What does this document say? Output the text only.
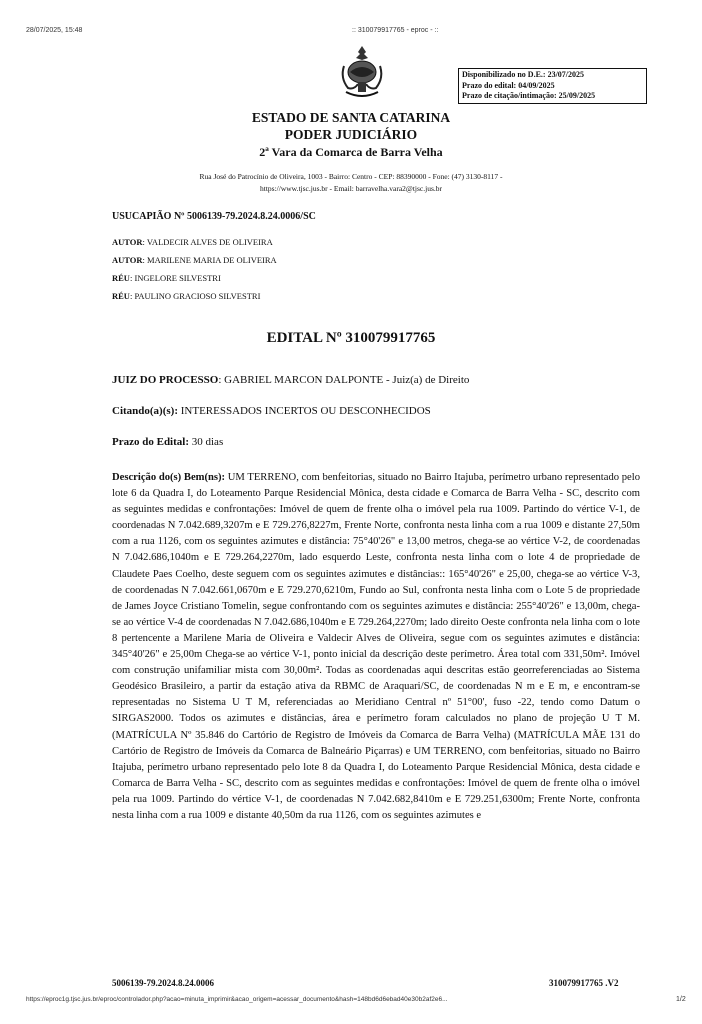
28/07/2025, 15:48	:: 310079917765 - eproc - ::
Disponibilizado no D.E.: 23/07/2025
Prazo do edital: 04/09/2025
Prazo de citação/intimação: 25/09/2025
ESTADO DE SANTA CATARINA
PODER JUDICIÁRIO
2ª Vara da Comarca de Barra Velha
Rua José do Patrocínio de Oliveira, 1003 - Bairro: Centro - CEP: 88390000 - Fone: (47) 3130-8117 -
https://www.tjsc.jus.br - Email: barravelha.vara2@tjsc.jus.br
USUCAPIÃO Nº 5006139-79.2024.8.24.0006/SC
AUTOR: VALDECIR ALVES DE OLIVEIRA
AUTOR: MARILENE MARIA DE OLIVEIRA
RÉU: INGELORE SILVESTRI
RÉU: PAULINO GRACIOSO SILVESTRI
EDITAL Nº 310079917765
JUIZ DO PROCESSO: GABRIEL MARCON DALPONTE - Juiz(a) de Direito
Citando(a)(s): INTERESSADOS INCERTOS OU DESCONHECIDOS
Prazo do Edital: 30 dias
Descrição do(s) Bem(ns): UM TERRENO, com benfeitorias, situado no Bairro Itajuba, perímetro urbano representado pelo lote 6 da Quadra I, do Loteamento Parque Residencial Mônica, desta cidade e Comarca de Barra Velha - SC, descrito com as seguintes medidas e confrontações: Imóvel de quem de frente olha o imóvel pela rua 1009. Partindo do vértice V-1, de coordenadas N 7.042.689,3207m e E 729.276,8227m, Frente Norte, confronta nesta linha com a rua 1009 e distante 27,50m com a rua 1126, com os seguintes azimutes e distância: 75°40'26" e 13,00 metros, chega-se ao vértice V-2, de coordenadas N 7.042.686,1040m e E 729.264,2270m, lado esquerdo Leste, confronta nesta linha com o lote 4 de propriedade de Claudete Paes Coelho, deste seguem com os seguintes azimutes e distâncias:: 165°40'26" e 25,00, chega-se ao vértice V-3, de coordenadas N 7.042.661,0670m e E 729.270,6210m, Fundo ao Sul, confronta nesta linha com o Lote 5 de propriedade de James Joyce Cristiano Tomelin, segue confrontando com os seguintes azimutes e distância: 255°40'26" e 13,00m, chega-se ao vértice V-4 de coordenadas N 7.042.686,1040m e E 729.264,2270m; lado direito Oeste confronta nela linha com o lote 8 pertencente a Marilene Maria de Oliveira e Valdecir Alves de Oliveira, segue com os seguintes azimutes e distância: 345°40'26" e 25,00m Chega-se ao vértice V-1, ponto inicial da descrição deste perímetro. Área total com 331,50m². Imóvel com construção unifamiliar mista com 30,00m². Todas as coordenadas aqui descritas estão georreferenciadas ao Sistema Geodésico Brasileiro, a partir da estação ativa da RBMC de Araquari/SC, de coordenadas N m e E m, e encontram-se representadas no Sistema U T M, referenciadas ao Meridiano Central nº 51°00', fuso -22, tendo como Datum o SIRGAS2000. Todos os azimutes e distâncias, área e perímetro foram calculados no plano de projeção U T M. (MATRÍCULA Nº 35.846 do Cartório de Registro de Imóveis da Comarca de Barra Velha) (MATRÍCULA MÃE 131 do Cartório de Registro de Imóveis da Comarca de Balneário Piçarras) e UM TERRENO, com benfeitorias, situado no Bairro Itajuba, perímetro urbano representado pelo lote 8 da Quadra I, do Loteamento Parque Residencial Mônica, desta cidade e Comarca de Barra Velha - SC, descrito com as seguintes medidas e confrontações: Imóvel de quem de frente olha o imóvel pela rua 1009. Partindo do vértice V-1, de coordenadas N 7.042.682,8410m e E 729.251,6300m; Frente Norte, confronta nesta linha com a rua 1009 e distante 40,50m da rua 1126, com os seguintes azimutes e
5006139-79.2024.8.24.0006	310079917765 .V2
https://eproc1g.tjsc.jus.br/eproc/controlador.php?acao=minuta_imprimir&acao_origem=acessar_documento&hash=148bd6d6ebad40e30b2af2e6...	1/2
